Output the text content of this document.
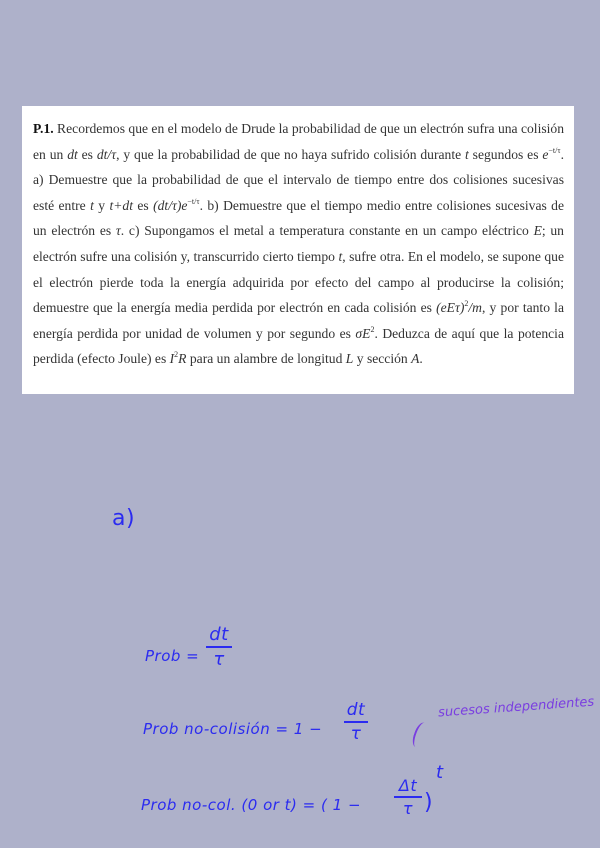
P.1. Recordemos que en el modelo de Drude la probabilidad de que un electrón sufra una colisión en un dt es dt/τ, y que la probabilidad de que no haya sufrido colisión durante t segundos es $e^{-t/\tau}$. a) Demuestre que la probabilidad de que el intervalo de tiempo entre dos colisiones sucesivas esté entre t y t+dt es $(dt/\tau)e^{-t/\tau}$. b) Demuestre que el tiempo medio entre colisiones sucesivas de un electrón es τ. c) Supongamos el metal a temperatura constante en un campo eléctrico E; un electrón sufre una colisión y, transcurrido cierto tiempo t, sufre otra. En el modelo, se supone que el electrón pierde toda la energía adquirida por efecto del campo al producirse la colisión; demuestre que la energía media perdida por electrón en cada colisión es $(eE\tau)^2/m$, y por tanto la energía perdida por unidad de volumen y por segundo es $\sigma E^2$. Deduzca de aquí que la potencia perdida (efecto Joule) es $I^2R$ para un alambre de longitud L y sección A.

a)
Prob =
dt
τ
Prob no-colisión = 1 −
dt
τ
sucesos independientes
Prob no-col. (0 or t) = ( 1 −
Δt
τ )
t
